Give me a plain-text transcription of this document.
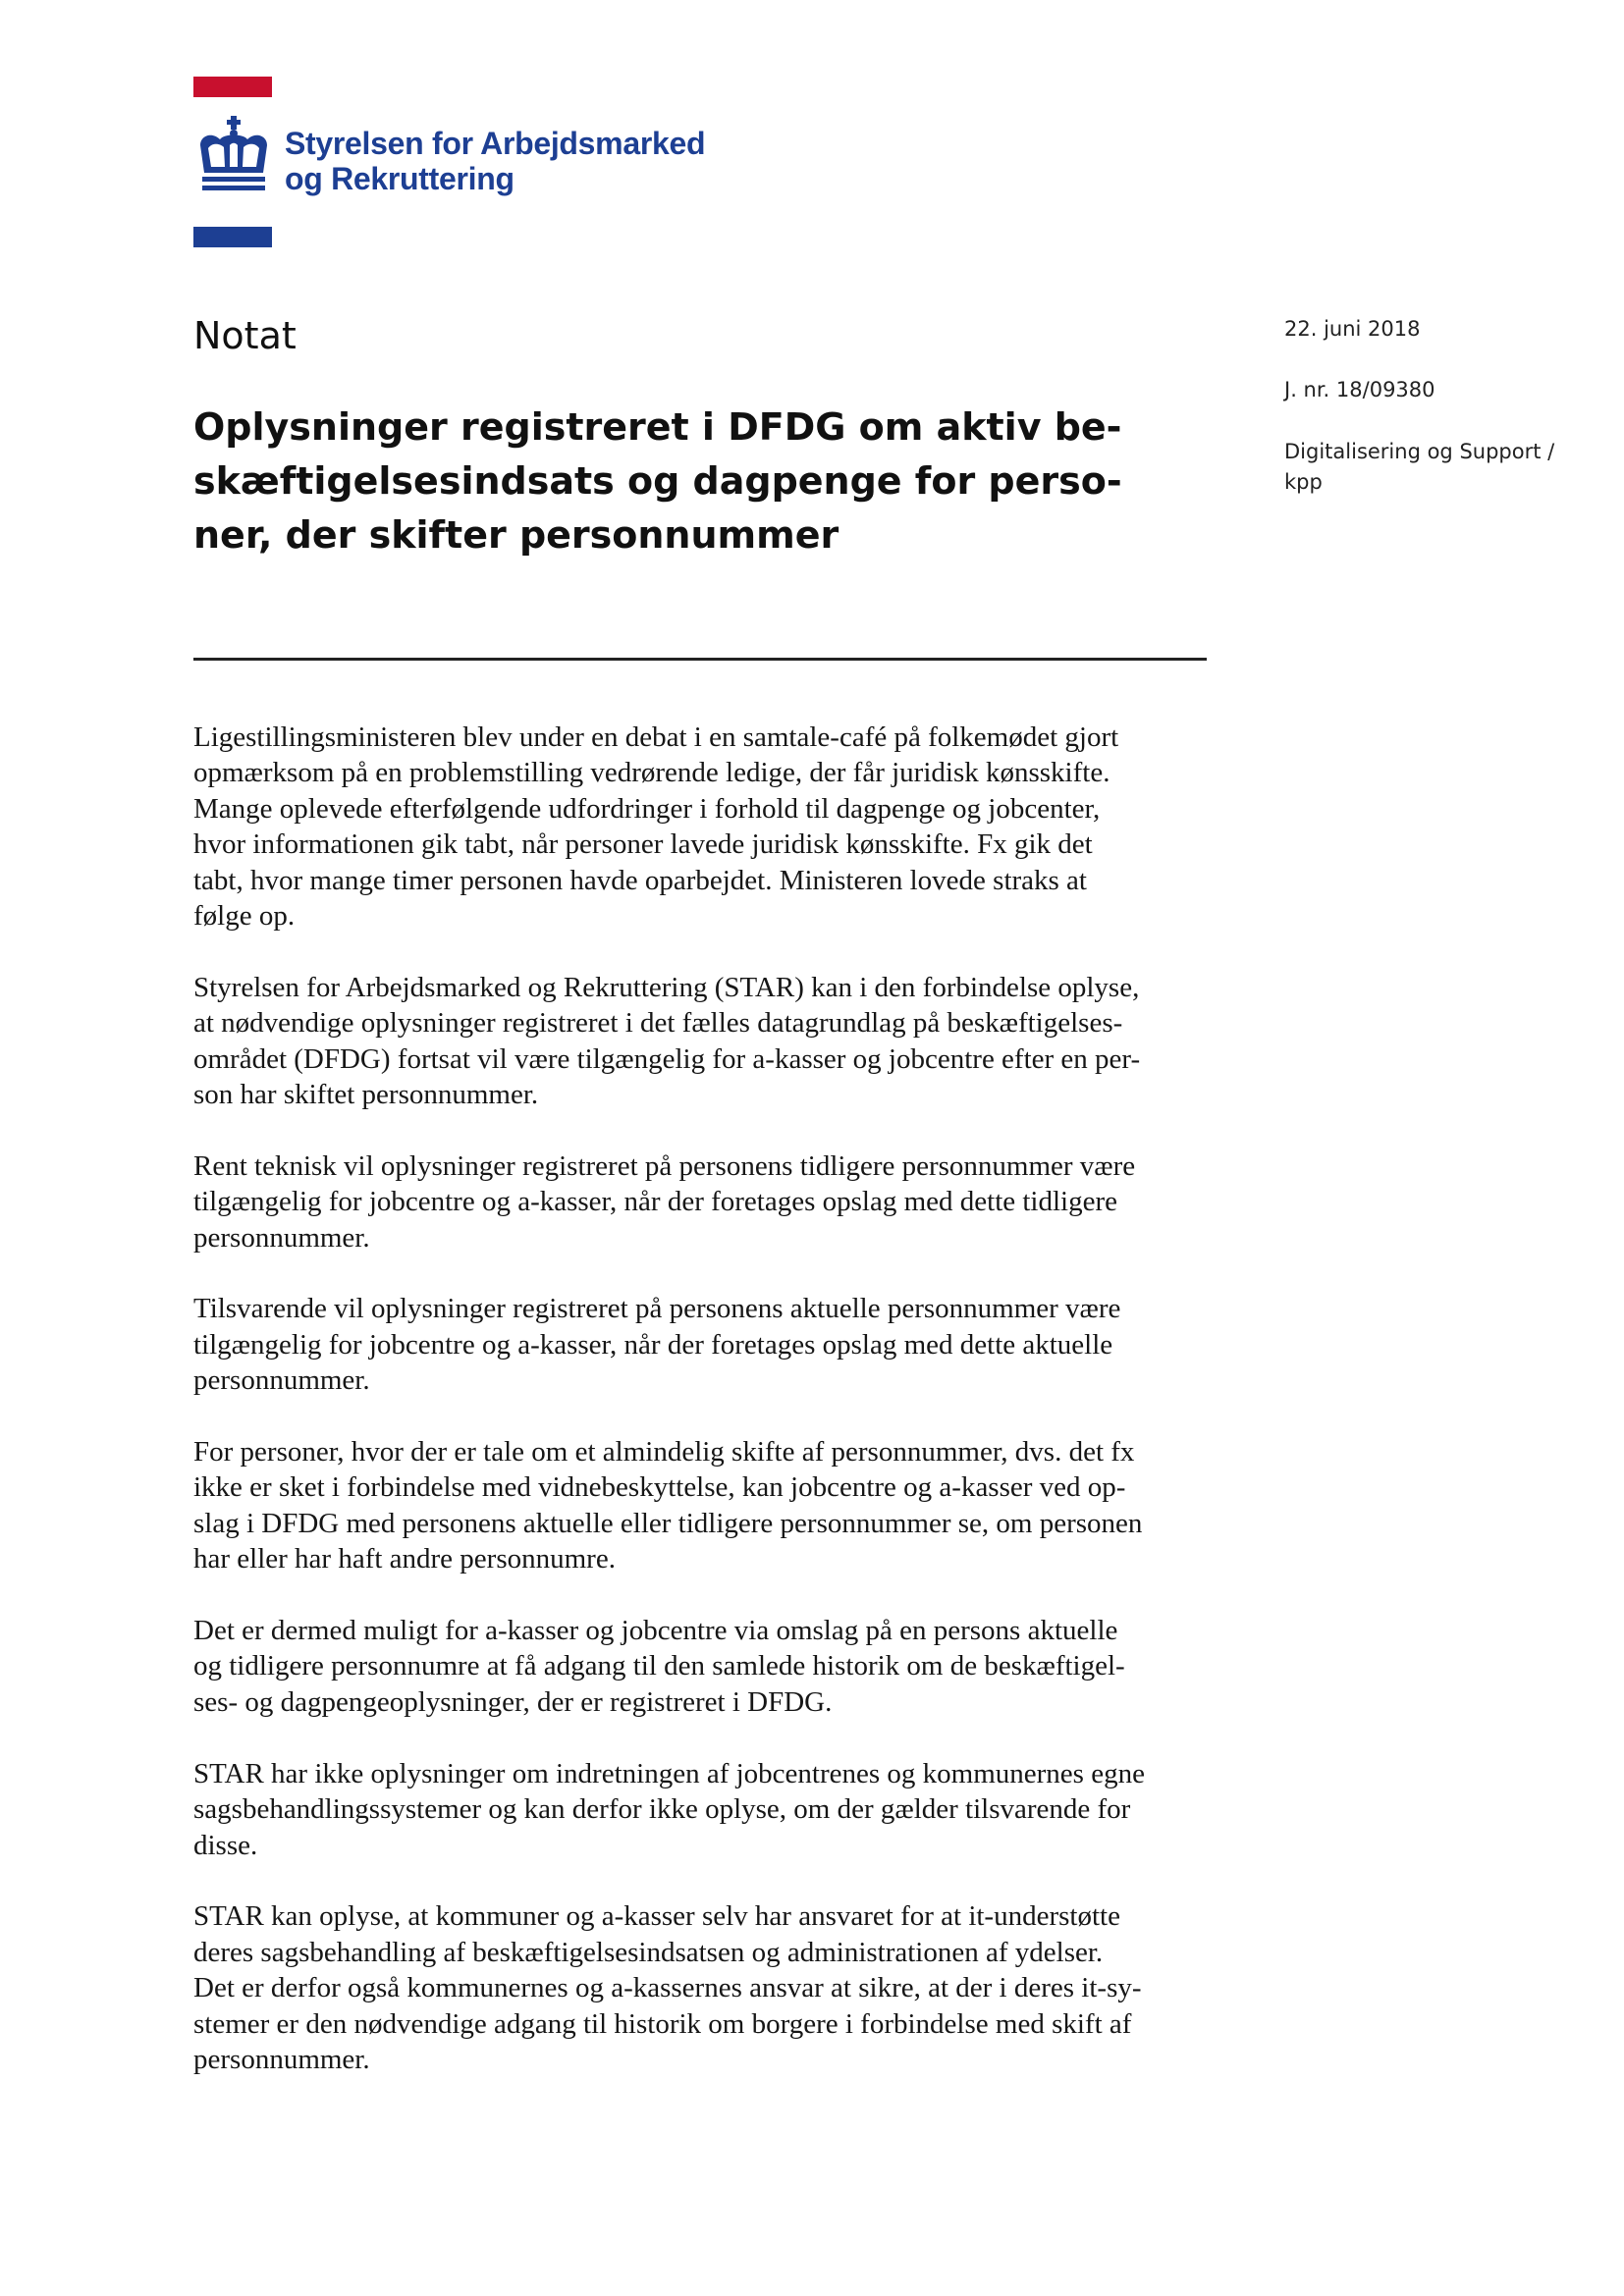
Styrelsen for Arbejdsmarked
og Rekruttering
Notat
Oplysninger registreret i DFDG om aktiv be-
skæftigelsesindsats og dagpenge for perso-
ner, der skifter personnummer
22. juni 2018
J. nr. 18/09380
Digitalisering og Support /
kpp
Ligestillingsministeren blev under en debat i en samtale-café på folkemødet gjort
opmærksom på en problemstilling vedrørende ledige, der får juridisk kønsskifte.
Mange oplevede efterfølgende udfordringer i forhold til dagpenge og jobcenter,
hvor informationen gik tabt, når personer lavede juridisk kønsskifte. Fx gik det
tabt, hvor mange timer personen havde oparbejdet. Ministeren lovede straks at
følge op.
Styrelsen for Arbejdsmarked og Rekruttering (STAR) kan i den forbindelse oplyse,
at nødvendige oplysninger registreret i det fælles datagrundlag på beskæftigelses-
området (DFDG) fortsat vil være tilgængelig for a-kasser og jobcentre efter en per-
son har skiftet personnummer.
Rent teknisk vil oplysninger registreret på personens tidligere personnummer være
tilgængelig for jobcentre og a-kasser, når der foretages opslag med dette tidligere
personnummer.
Tilsvarende vil oplysninger registreret på personens aktuelle personnummer være
tilgængelig for jobcentre og a-kasser, når der foretages opslag med dette aktuelle
personnummer.
For personer, hvor der er tale om et almindelig skifte af personnummer, dvs. det fx
ikke er sket i forbindelse med vidnebeskyttelse, kan jobcentre og a-kasser ved op-
slag i DFDG med personens aktuelle eller tidligere personnummer se, om personen
har eller har haft andre personnumre.
Det er dermed muligt for a-kasser og jobcentre via omslag på en persons aktuelle
og tidligere personnumre at få adgang til den samlede historik om de beskæftigel-
ses- og dagpengeoplysninger, der er registreret i DFDG.
STAR har ikke oplysninger om indretningen af jobcentrenes og kommunernes egne
sagsbehandlingssystemer og kan derfor ikke oplyse, om der gælder tilsvarende for
disse.
STAR kan oplyse, at kommuner og a-kasser selv har ansvaret for at it-understøtte
deres sagsbehandling af beskæftigelsesindsatsen og administrationen af ydelser.
Det er derfor også kommunernes og a-kassernes ansvar at sikre, at der i deres it-sy-
stemer er den nødvendige adgang til historik om borgere i forbindelse med skift af
personnummer.
